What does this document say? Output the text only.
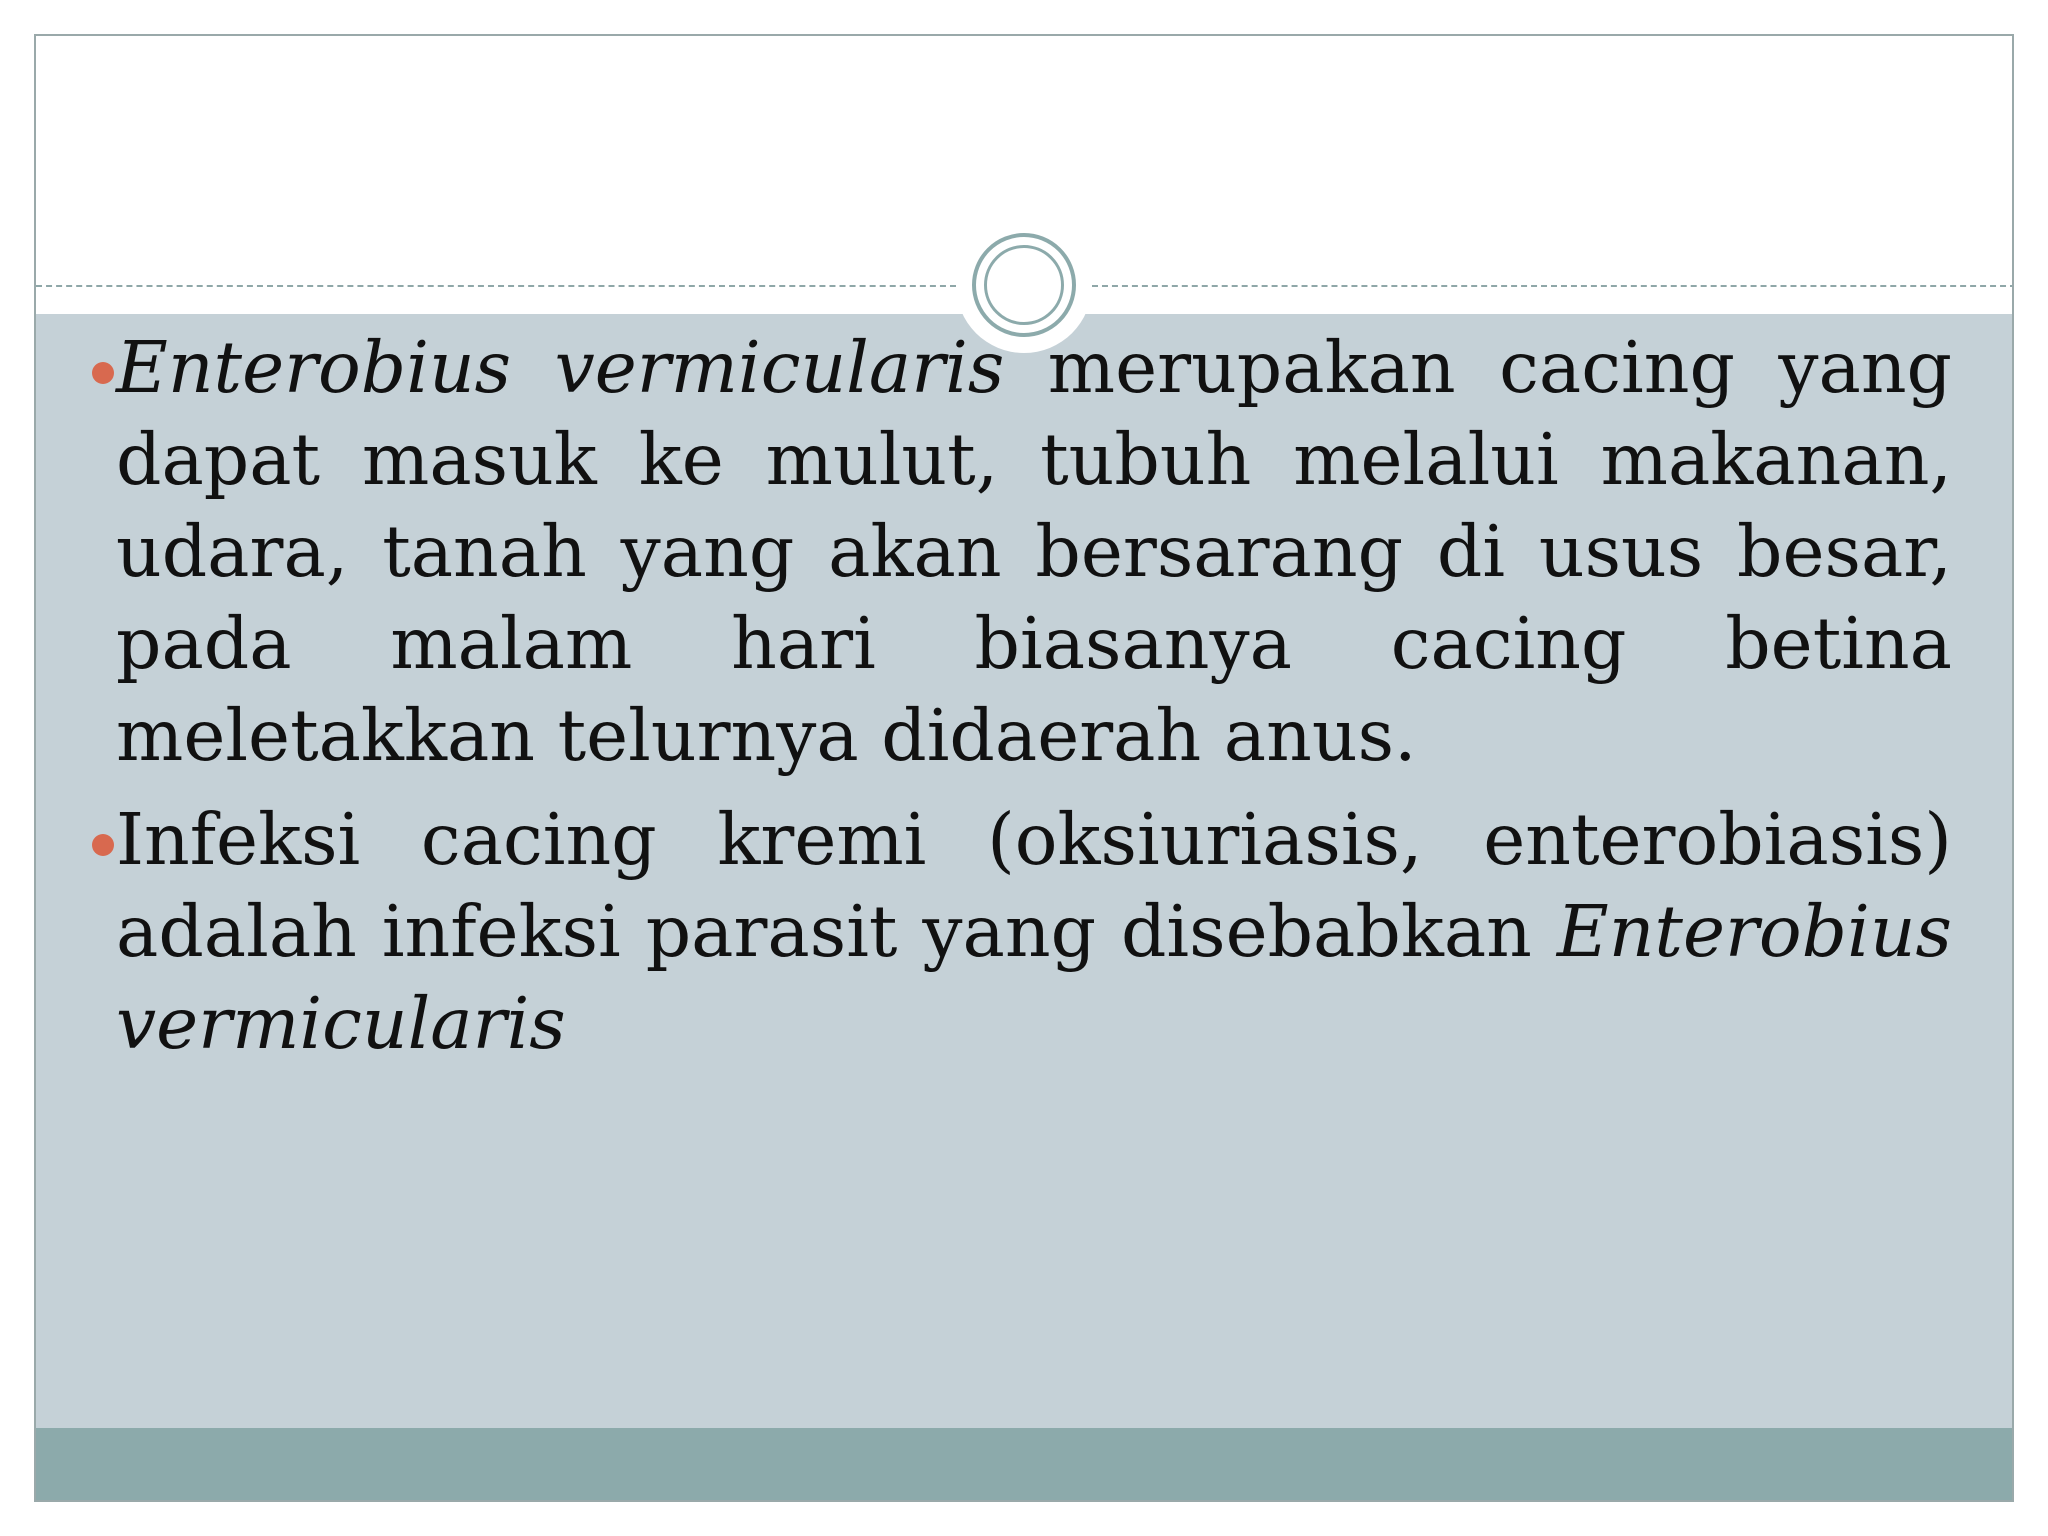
Enterobius vermicularis merupakan cacing yang dapat masuk ke mulut, tubuh melalui makanan, udara, tanah yang akan bersarang di usus besar, pada malam hari biasanya cacing betina meletakkan telurnya didaerah anus.
Infeksi cacing kremi (oksiuriasis, enterobiasis) adalah infeksi parasit yang disebabkan Enterobius vermicularis
